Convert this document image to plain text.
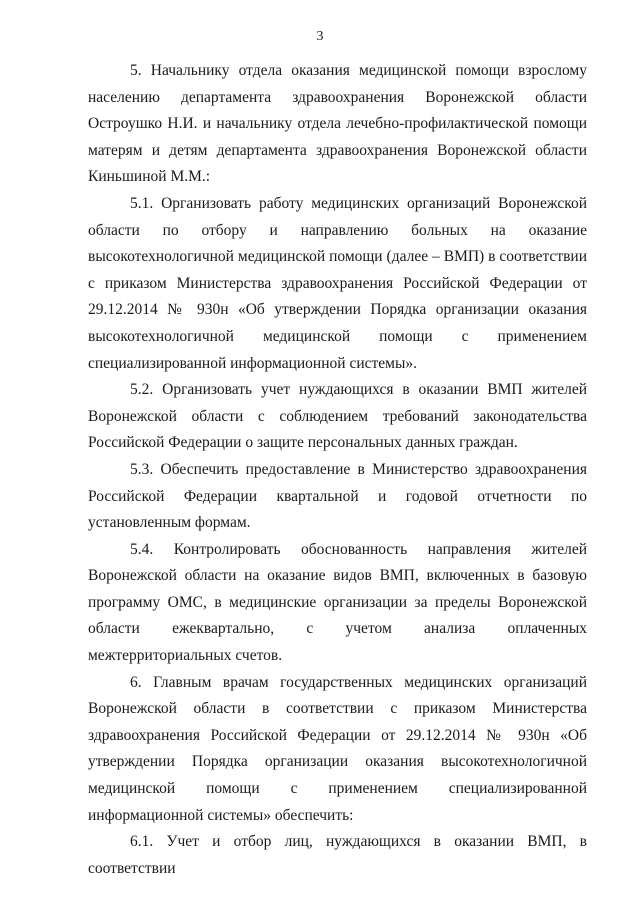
3

5. Начальнику отдела оказания медицинской помощи взрослому населению департамента здравоохранения Воронежской области Остроушко Н.И. и начальнику отдела лечебно-профилактической помощи матерям и детям департамента здравоохранения Воронежской области Киньшиной М.М.:

5.1. Организовать работу медицинских организаций Воронежской области по отбору и направлению больных на оказание высокотехнологичной медицинской помощи (далее – ВМП) в соответствии с приказом Министерства здравоохранения Российской Федерации от 29.12.2014 № 930н «Об утверждении Порядка организации оказания высокотехнологичной медицинской помощи с применением специализированной информационной системы».

5.2. Организовать учет нуждающихся в оказании ВМП жителей Воронежской области с соблюдением требований законодательства Российской Федерации о защите персональных данных граждан.

5.3. Обеспечить предоставление в Министерство здравоохранения Российской Федерации квартальной и годовой отчетности по установленным формам.

5.4. Контролировать обоснованность направления жителей Воронежской области на оказание видов ВМП, включенных в базовую программу ОМС, в медицинские организации за пределы Воронежской области ежеквартально, с учетом анализа оплаченных межтерриториальных счетов.

6. Главным врачам государственных медицинских организаций Воронежской области в соответствии с приказом Министерства здравоохранения Российской Федерации от 29.12.2014 № 930н «Об утверждении Порядка организации оказания высокотехнологичной медицинской помощи с применением специализированной информационной системы» обеспечить:

6.1. Учет и отбор лиц, нуждающихся в оказании ВМП, в соответствии
